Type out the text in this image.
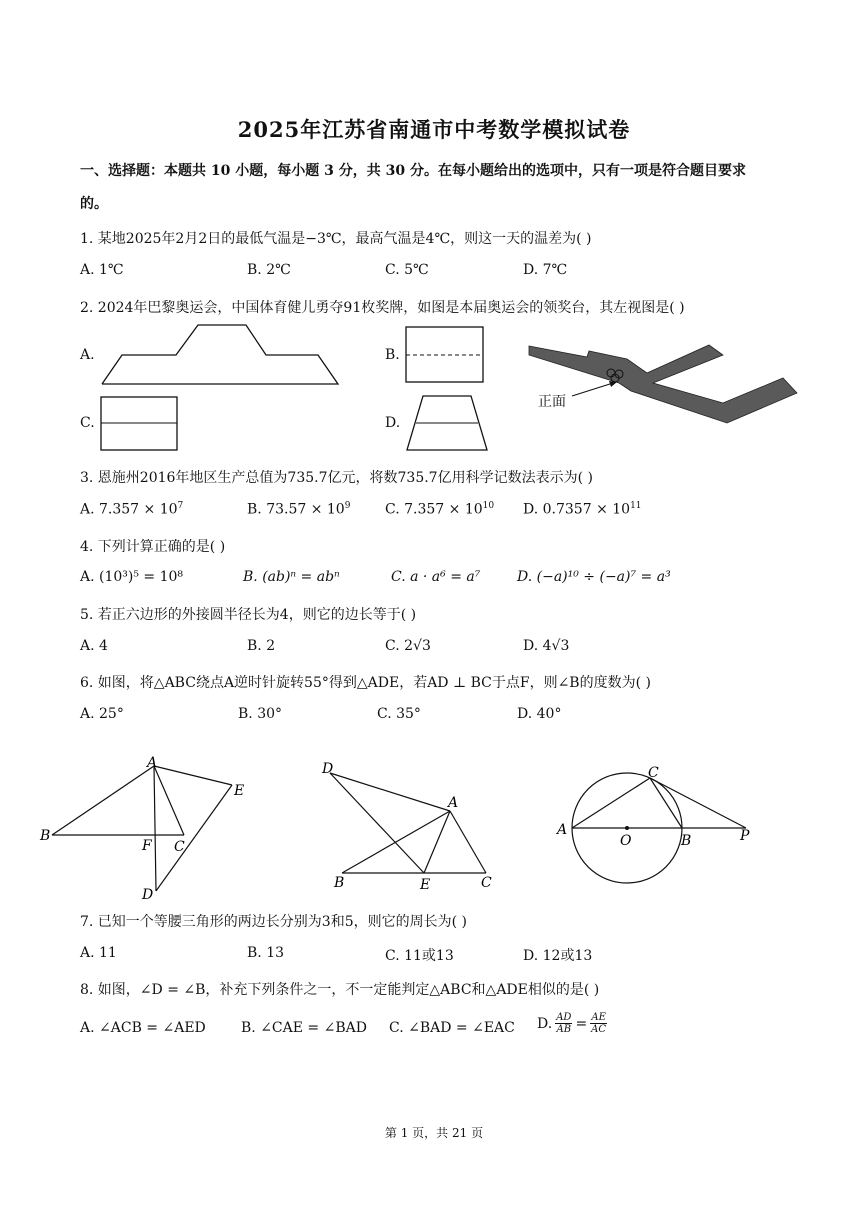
2025年江苏省南通市中考数学模拟试卷
一、选择题：本题共 10 小题，每小题 3 分，共 30 分。在每小题给出的选项中，只有一项是符合题目要求
的。
1. 某地2025年2月2日的最低气温是−3℃，最高气温是4℃，则这一天的温差为( )
A. 1℃	B. 2℃	C. 5℃	D. 7℃
2. 2024年巴黎奥运会，中国体育健儿勇夺91枚奖牌，如图是本届奥运会的领奖台，其左视图是( )
A.	B.
C.	D.
正面
3. 恩施州2016年地区生产总值为735.7亿元，将数735.7亿用科学记数法表示为( )
A. $7.357 \times 10^7$	B. $73.57 \times 10^9$ C. $7.357 \times 10^{10}$ D. $0.7357 \times 10^{11}$
4. 下列计算正确的是( )
A. (10³)⁵ = 10⁸	B. (ab)ⁿ = abⁿ	C. a · a⁶ = a⁷	D. (−a)¹⁰ ÷ (−a)⁷ = a³
5. 若正六边形的外接圆半径长为4，则它的边长等于( )
A. 4	B. 2	C. 2√3	D. 4√3
6. 如图，将△ABC绕点A逆时针旋转55°得到△ADE，若AD ⊥ BC于点F，则∠B的度数为( )
A. 25°	B. 30°	C. 35°	D. 40°
A
B
C
F
D
E
D
A
B	E	C
A
C
O	B	P
7. 已知一个等腰三角形的两边长分别为3和5，则它的周长为( )
A. 11	B. 13	C. 11或13	D. 12或13
8. 如图，∠D = ∠B，补充下列条件之一，不一定能判定△ABC和△ADE相似的是( )
A. ∠ACB = ∠AED	B. ∠CAE = ∠BAD C. ∠BAD = ∠EAC D. $\frac{AD}{AB} = \frac{AE}{AC}$
第 1 页，共 21 页
